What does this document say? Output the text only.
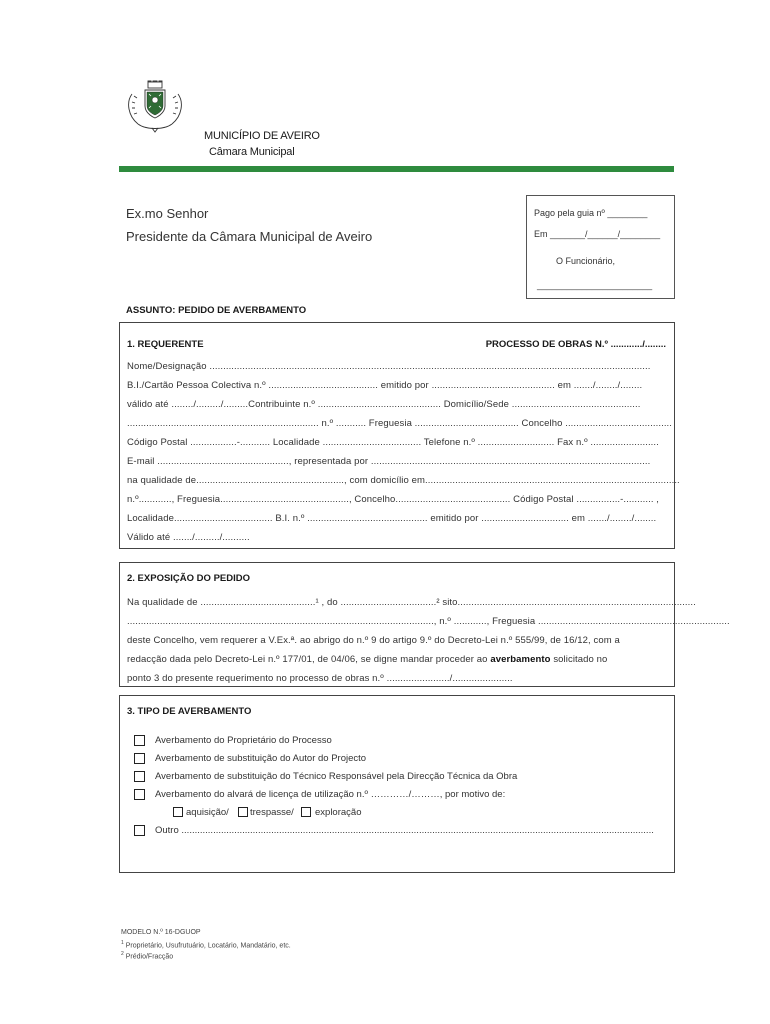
MUNICÍPIO DE AVEIRO
Câmara Municipal
Ex.mo Senhor
Presidente da Câmara Municipal de Aveiro
Pago pela guia nº ________
Em _______/______/________
O Funcionário,
_______________________
ASSUNTO: PEDIDO DE AVERBAMENTO
1. REQUERENTE	PROCESSO DE OBRAS N.º ............/........
Nome/Designação .................................................................................................................................................................
B.I./Cartão Pessoa Colectiva n.º ........................................ emitido por ............................................. em ......./......../........
válido até ......../........./.........Contribuinte n.º ............................................. Domicílio/Sede ...............................................
...................................................................... n.º ........... Freguesia ...................................... Concelho .......................................
Código Postal .................-........... Localidade .................................... Telefone n.º ............................ Fax n.º .........................
E-mail ................................................, representada por ......................................................................................................
na qualidade de......................................................, com domicílio em.............................................................................................
n.º............, Freguesia..............................................., Concelho.......................................... Código Postal ................-........... ,
Localidade.................................... B.I. n.º ............................................ emitido por ................................ em ......./......../........
Válido até ......./........./..........
2. EXPOSIÇÃO DO PEDIDO
Na qualidade de ..........................................¹ , do ...................................² sito.......................................................................................
................................................................................................................, n.º ............, Freguesia ......................................................................
deste Concelho, vem requerer a V.Ex.ª. ao abrigo do n.º 9 do artigo 9.º do Decreto-Lei n.º 555/99, de 16/12, com a
redacção dada pelo Decreto-Lei n.º 177/01, de 04/06, se digne mandar proceder ao averbamento solicitado no
ponto 3 do presente requerimento no processo de obras n.º ......................./......................
3. TIPO DE AVERBAMENTO
Averbamento do Proprietário do Processo
Averbamento de substituição do Autor do Projecto
Averbamento de substituição do Técnico Responsável pela Direcção Técnica da Obra
Averbamento do alvará de licença de utilização n.º …………/………, por motivo de:
aquisição/ trespasse/ exploração
Outro ...................................................................................................................................................................................
MODELO N.º 16-DGUOP
$^1$ Proprietário, Usufrutuário, Locatário, Mandatário, etc.
$^2$ Prédio/Fracção
